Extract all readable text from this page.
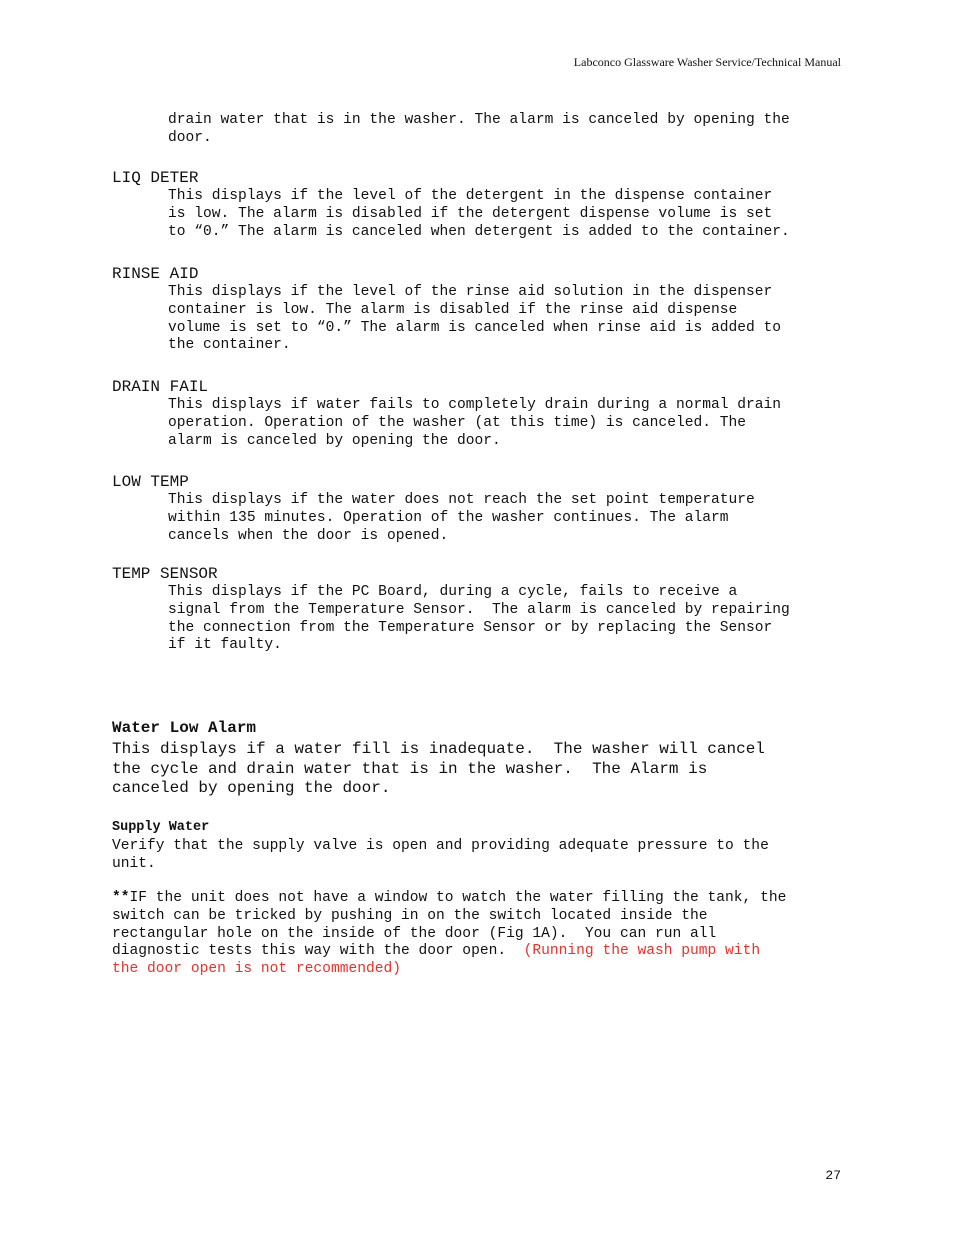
Labconco Glassware Washer Service/Technical Manual

drain water that is in the washer. The alarm is canceled by opening the
door.

LIQ DETER

This displays if the level of the detergent in the dispense container
is low. The alarm is disabled if the detergent dispense volume is set
to “0.” The alarm is canceled when detergent is added to the container.

RINSE AID

This displays if the level of the rinse aid solution in the dispenser
container is low. The alarm is disabled if the rinse aid dispense
volume is set to “0.” The alarm is canceled when rinse aid is added to
the container.

DRAIN FAIL

This displays if water fails to completely drain during a normal drain
operation. Operation of the washer (at this time) is canceled. The
alarm is canceled by opening the door.

LOW TEMP

This displays if the water does not reach the set point temperature
within 135 minutes. Operation of the washer continues. The alarm
cancels when the door is opened.

TEMP SENSOR

This displays if the PC Board, during a cycle, fails to receive a
signal from the Temperature Sensor.  The alarm is canceled by repairing
the connection from the Temperature Sensor or by replacing the Sensor
if it faulty.

Water Low Alarm

This displays if a water fill is inadequate.  The washer will cancel
the cycle and drain water that is in the washer.  The Alarm is
canceled by opening the door.

Supply Water

Verify that the supply valve is open and providing adequate pressure to the
unit.

**IF the unit does not have a window to watch the water filling the tank, the
switch can be tricked by pushing in on the switch located inside the
rectangular hole on the inside of the door (Fig 1A).  You can run all
diagnostic tests this way with the door open.  (Running the wash pump with
the door open is not recommended)

27
